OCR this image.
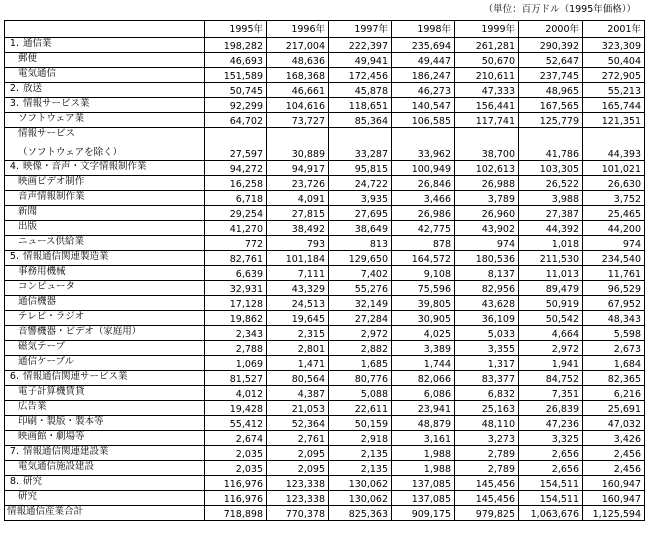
（単位：百万ドル（1995年価格））
	1995年	1996年	1997年	1998年	1999年	2000年	2001年
1. 通信業	198,282	217,004	222,397	235,694	261,281	290,392	323,309
郵便	46,693	48,636	49,941	49,447	50,670	52,647	50,404
電気通信	151,589	168,368	172,456	186,247	210,611	237,745	272,905
2. 放送	50,745	46,661	45,878	46,273	47,333	48,965	55,213
3. 情報サービス業	92,299	104,616	118,651	140,547	156,441	167,565	165,744
ソフトウェア業	64,702	73,727	85,364	106,585	117,741	125,779	121,351

情報サービス
（ソフトウェアを除く）	27,597	30,889	33,287	33,962	38,700	41,786	44,393
4. 映像・音声・文字情報制作業	94,272	94,917	95,815	100,949	102,613	103,305	101,021
映画ビデオ制作	16,258	23,726	24,722	26,846	26,988	26,522	26,630
音声情報制作業	6,718	4,091	3,935	3,466	3,789	3,988	3,752
新聞	29,254	27,815	27,695	26,986	26,960	27,387	25,465
出版	41,270	38,492	38,649	42,775	43,902	44,392	44,200
ニュース供給業	772	793	813	878	974	1,018	974
5. 情報通信関連製造業	82,761	101,184	129,650	164,572	180,536	211,530	234,540
事務用機械	6,639	7,111	7,402	9,108	8,137	11,013	11,761
コンピュータ	32,931	43,329	55,276	75,596	82,956	89,479	96,529
通信機器	17,128	24,513	32,149	39,805	43,628	50,919	67,952
テレビ・ラジオ	19,862	19,645	27,284	30,905	36,109	50,542	48,343
音響機器・ビデオ（家庭用）	2,343	2,315	2,972	4,025	5,033	4,664	5,598
磁気テープ	2,788	2,801	2,882	3,389	3,355	2,972	2,673
通信ケーブル	1,069	1,471	1,685	1,744	1,317	1,941	1,684
6. 情報通信関連サービス業	81,527	80,564	80,776	82,066	83,377	84,752	82,365
電子計算機賃貸	4,012	4,387	5,088	6,086	6,832	7,351	6,216
広告業	19,428	21,053	22,611	23,941	25,163	26,839	25,691
印刷・製版・製本等	55,412	52,364	50,159	48,879	48,110	47,236	47,032
映画館・劇場等	2,674	2,761	2,918	3,161	3,273	3,325	3,426
7. 情報通信関連建設業	2,035	2,095	2,135	1,988	2,789	2,656	2,456
電気通信施設建設	2,035	2,095	2,135	1,988	2,789	2,656	2,456
8. 研究	116,976	123,338	130,062	137,085	145,456	154,511	160,947
研究	116,976	123,338	130,062	137,085	145,456	154,511	160,947
情報通信産業合計	718,898	770,378	825,363	909,175	979,825	1,063,676	1,125,594
